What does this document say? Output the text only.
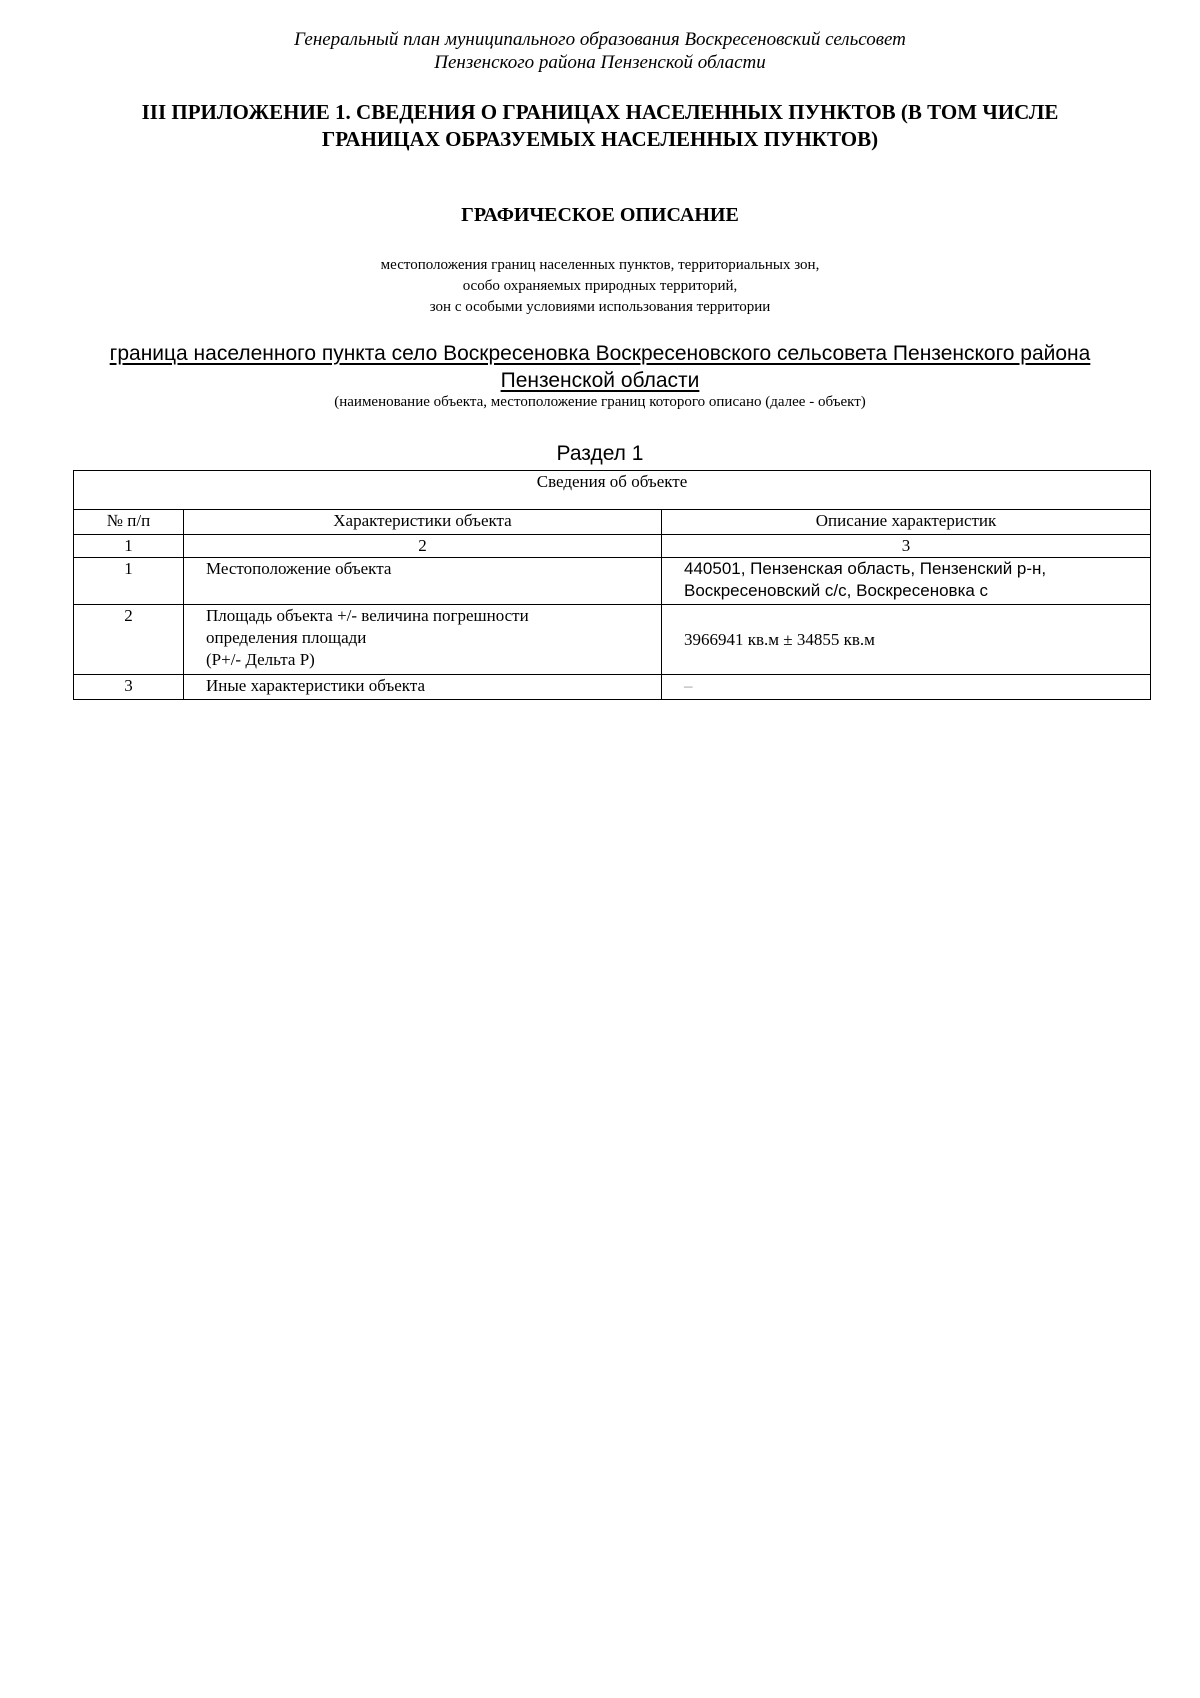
Генеральный план муниципального образования Воскресеновский сельсовет
Пензенского района Пензенской области
III ПРИЛОЖЕНИЕ 1. СВЕДЕНИЯ О ГРАНИЦАХ НАСЕЛЕННЫХ ПУНКТОВ (В ТОМ ЧИСЛЕ
ГРАНИЦАХ ОБРАЗУЕМЫХ НАСЕЛЕННЫХ ПУНКТОВ)
ГРАФИЧЕСКОЕ ОПИСАНИЕ
местоположения границ населенных пунктов, территориальных зон,
особо охраняемых природных территорий,
зон с особыми условиями использования территории
граница населенного пункта село Воскресеновка Воскресеновского сельсовета Пензенского района
Пензенской области
(наименование объекта, местоположение границ которого описано (далее - объект)
Раздел 1
Сведения об объекте		
№ п/п	Характеристики объекта	Описание характеристик
1	2	3
1	Местоположение объекта	440501, Пензенская область, Пензенский р-н,
Воскресеновский с/с, Воскресеновка с

2	Площадь объекта +/- величина погрешности
определения площади
(Р+/- Дельта Р)	3966941 кв.м ± 34855 кв.м
3	Иные характеристики объекта	–
